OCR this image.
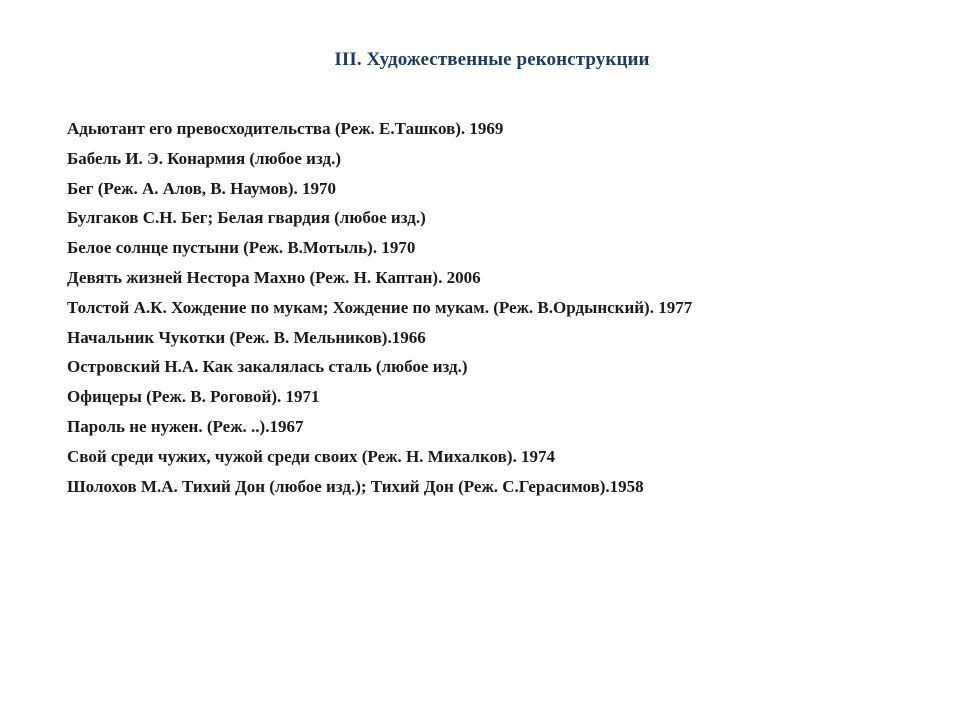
III. Художественные реконструкции
Адьютант его превосходительства (Реж. Е.Ташков). 1969
Бабель И. Э. Конармия (любое изд.)
Бег (Реж. А. Алов, В. Наумов). 1970
Булгаков С.Н. Бег; Белая гвардия (любое изд.)
Белое солнце пустыни (Реж. В.Мотыль). 1970
Девять жизней Нестора Махно (Реж. Н. Каптан). 2006
Толстой А.К. Хождение по мукам; Хождение по мукам. (Реж. В.Ордынский). 1977
Начальник Чукотки (Реж. В. Мельников).1966
Островский Н.А. Как закалялась сталь (любое изд.)
Офицеры (Реж. В. Роговой). 1971
Пароль не нужен. (Реж. ..).1967
Свой среди чужих, чужой среди своих (Реж. Н. Михалков). 1974
Шолохов М.А. Тихий Дон (любое изд.); Тихий Дон (Реж. С.Герасимов).1958
